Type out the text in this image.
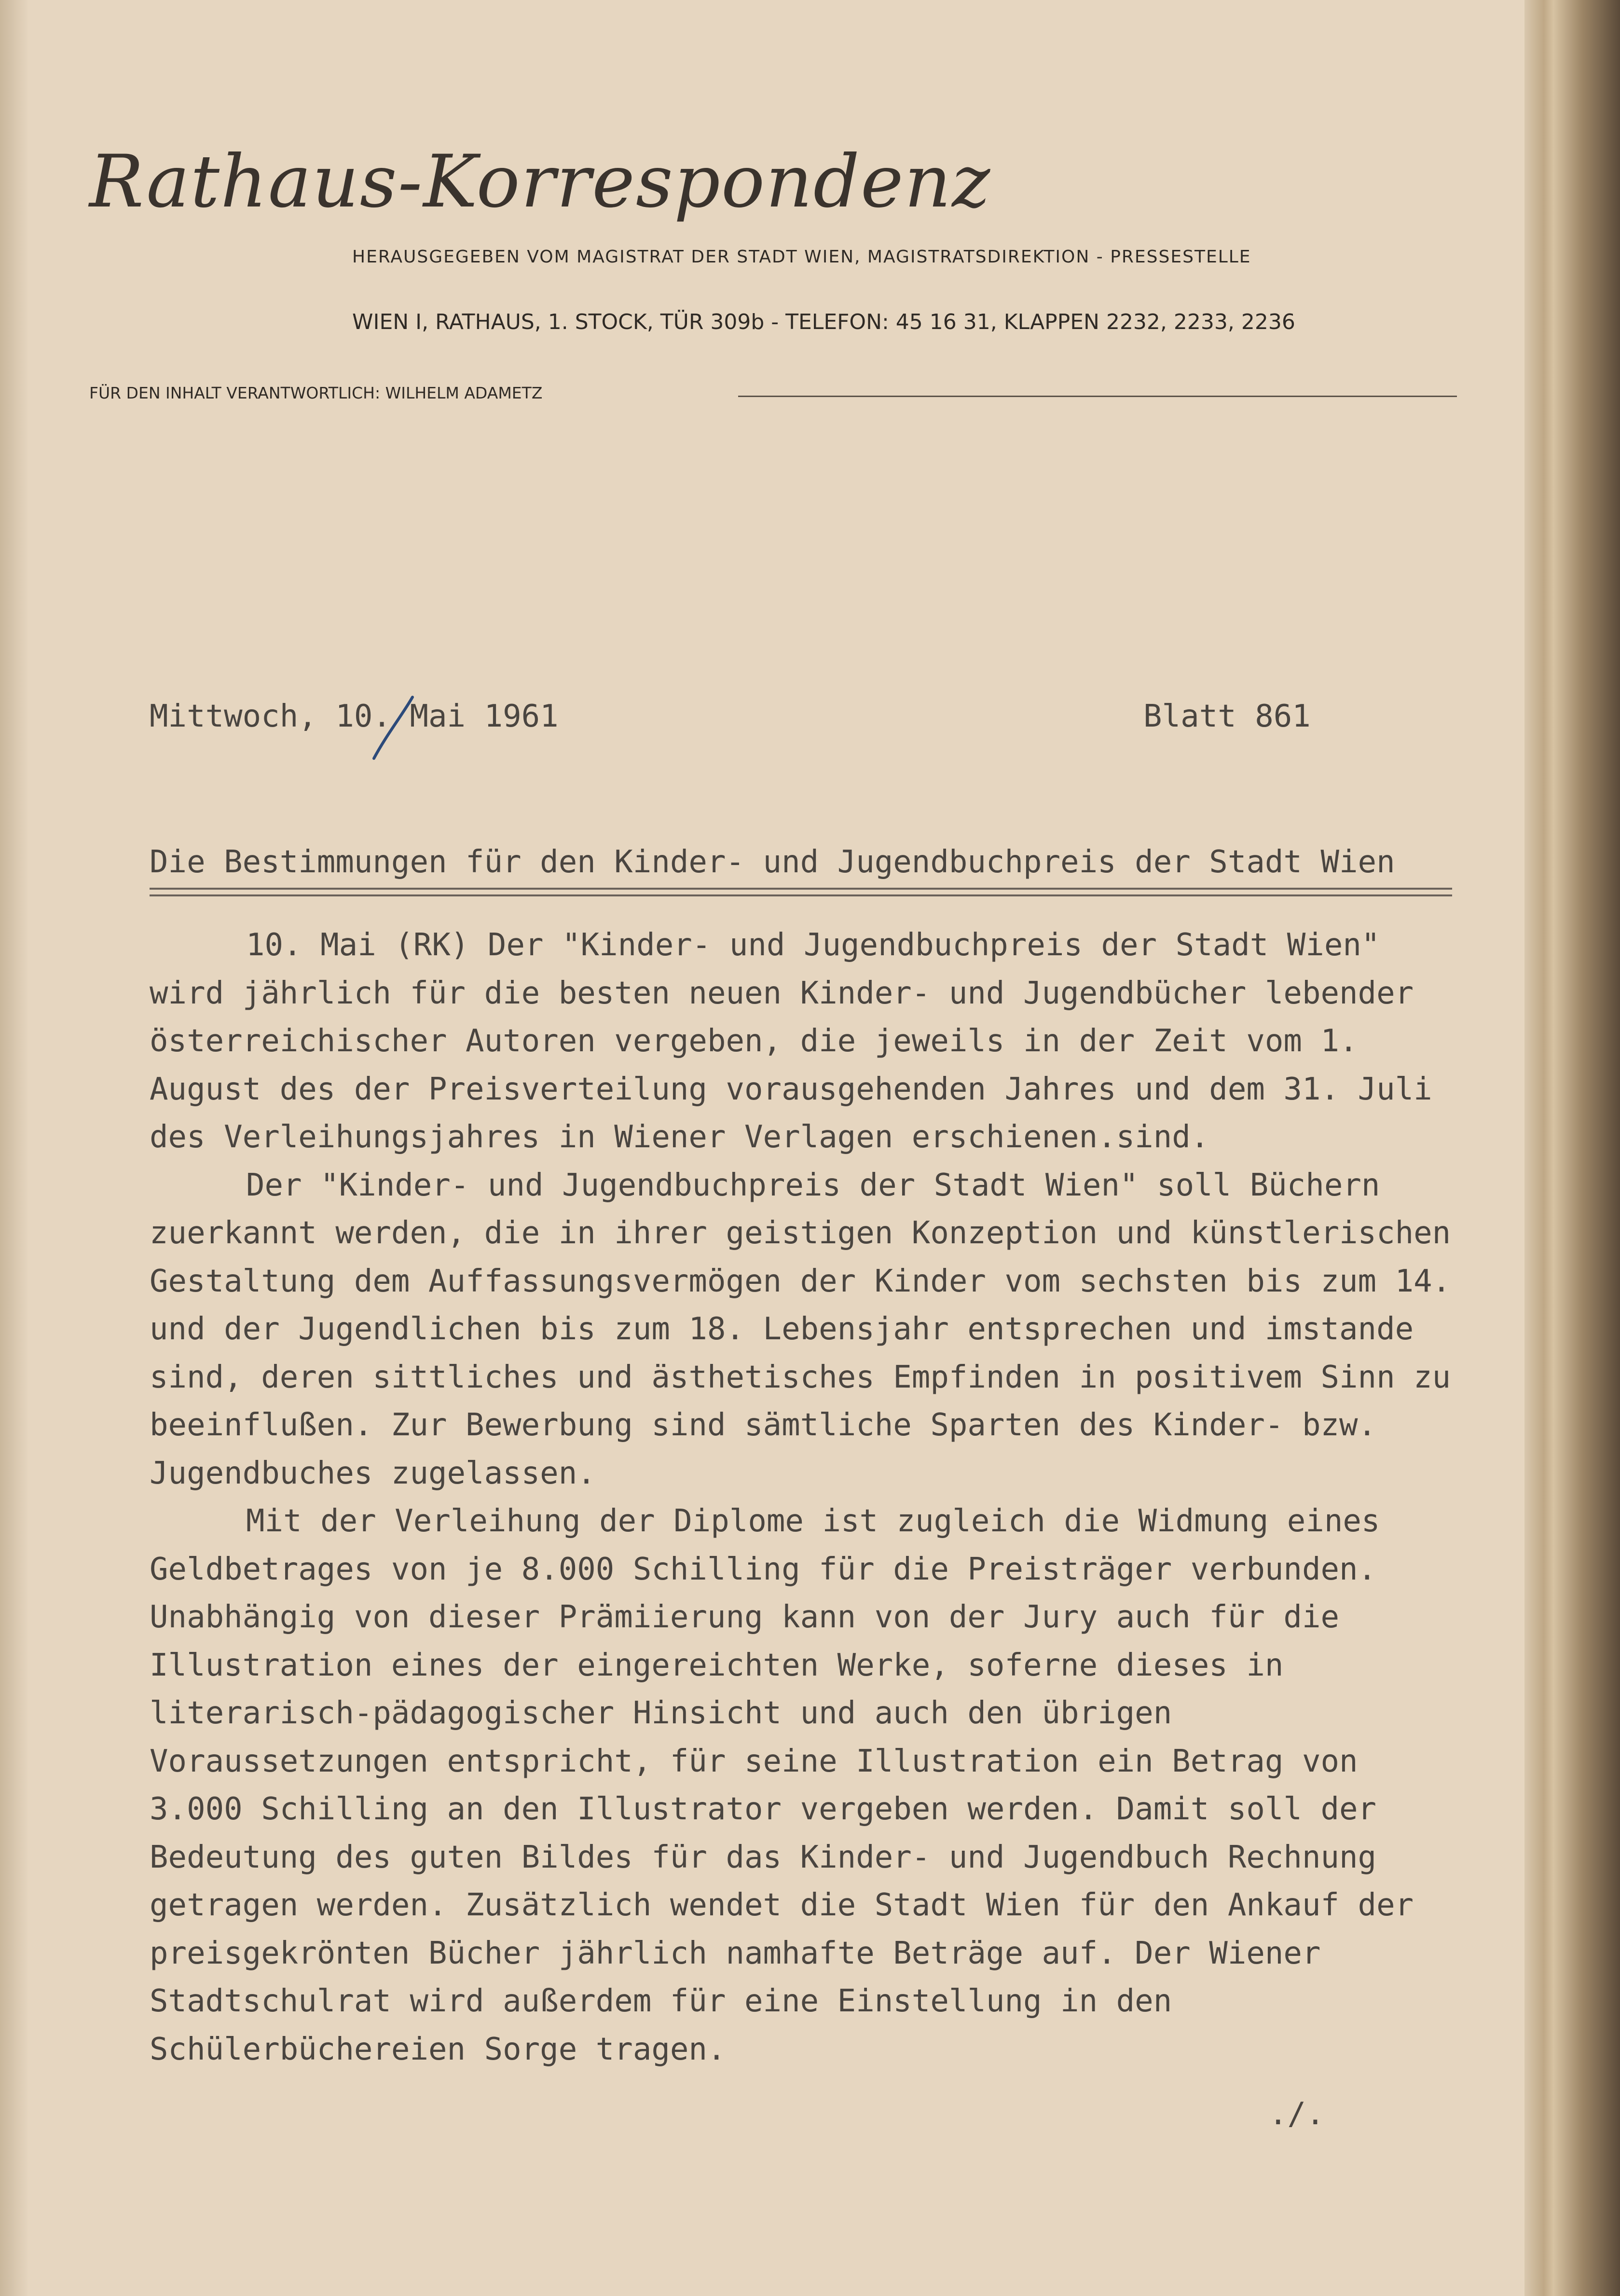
Rathaus-Korrespondenz
HERAUSGEGEBEN VOM MAGISTRAT DER STADT WIEN, MAGISTRATSDIREKTION - PRESSESTELLE
WIEN I, RATHAUS, 1. STOCK, TÜR 309b - TELEFON: 45 16 31, KLAPPEN 2232, 2233, 2236
FÜR DEN INHALT VERANTWORTLICH: WILHELM ADAMETZ
Mittwoch, 10. Mai 1961	Blatt 861
Die Bestimmungen für den Kinder- und Jugendbuchpreis der Stadt Wien

10. Mai (RK) Der "Kinder- und Jugendbuchpreis der Stadt Wien" wird jährlich für die besten neuen Kinder- und Jugendbücher lebender österreichischer Autoren vergeben, die jeweils in der Zeit vom 1. August des der Preisverteilung vorausgehenden Jahres und dem 31. Juli des Verleihungsjahres in Wiener Verlagen erschienen.sind.

Der "Kinder- und Jugendbuchpreis der Stadt Wien" soll Büchern zuerkannt werden, die in ihrer geistigen Konzeption und künstlerischen Gestaltung dem Auffassungsvermögen der Kinder vom sechsten bis zum 14. und der Jugendlichen bis zum 18. Lebensjahr entsprechen und imstande sind, deren sittliches und ästhetisches Empfinden in positivem Sinn zu beeinflußen. Zur Bewerbung sind sämtliche Sparten des Kinder- bzw. Jugendbuches zugelassen.

Mit der Verleihung der Diplome ist zugleich die Widmung eines Geldbetrages von je 8.000 Schilling für die Preisträger verbunden. Unabhängig von dieser Prämiierung kann von der Jury auch für die Illustration eines der eingereichten Werke, soferne dieses in literarisch-pädagogischer Hinsicht und auch den übrigen Voraussetzungen entspricht, für seine Illustration ein Betrag von 3.000 Schilling an den Illustrator vergeben werden. Damit soll der Bedeutung des guten Bildes für das Kinder- und Jugendbuch Rechnung getragen werden. Zusätzlich wendet die Stadt Wien für den Ankauf der preisgekrönten Bücher jährlich namhafte Beträge auf. Der Wiener Stadtschulrat wird außerdem für eine Einstellung in den Schülerbüchereien Sorge tragen.

./.
